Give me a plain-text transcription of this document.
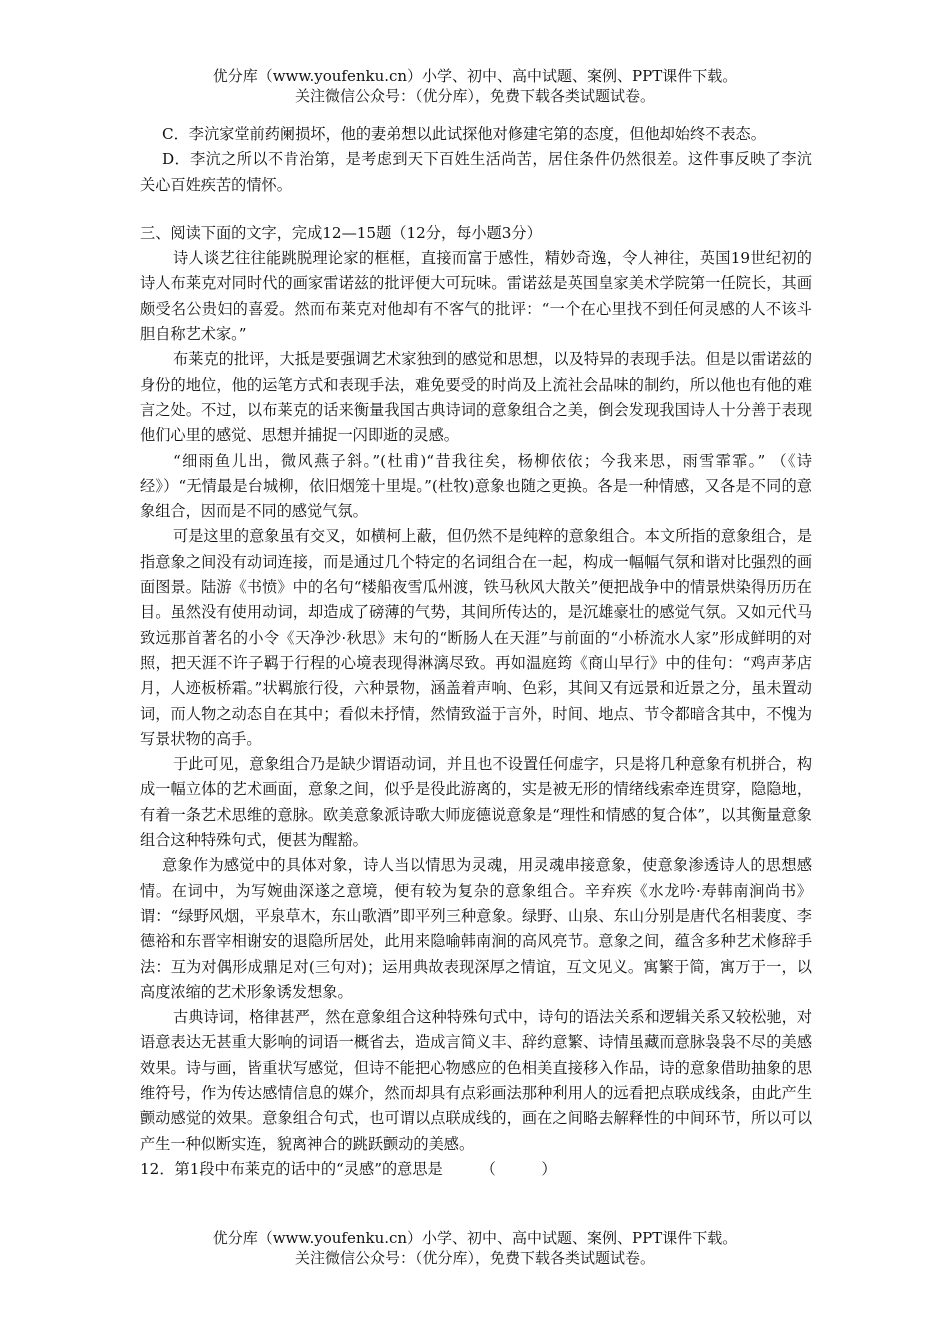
优分库（www.youfenku.cn）小学、初中、高中试题、案例、PPT课件下载。
关注微信公众号：（优分库），免费下载各类试题试卷。

C．李沆家堂前药阑损坏，他的妻弟想以此试探他对修建宅第的态度，但他却始终不表态。

D．李沆之所以不肯治第，是考虑到天下百姓生活尚苦，居住条件仍然很差。这件事反映了李沆关心百姓疾苦的情怀。

三、阅读下面的文字，完成12—15题（12分，每小题3分）

诗人谈艺往往能跳脱理论家的框框，直接而富于感性，精妙奇逸，令人神往，英国19世纪初的诗人布莱克对同时代的画家雷诺兹的批评便大可玩味。雷诺兹是英国皇家美术学院第一任院长，其画颇受名公贵妇的喜爱。然而布莱克对他却有不客气的批评：“一个在心里找不到任何灵感的人不该斗胆自称艺术家。”

布莱克的批评，大抵是要强调艺术家独到的感觉和思想，以及特异的表现手法。但是以雷诺兹的身份的地位，他的运笔方式和表现手法，难免要受的时尚及上流社会品味的制约，所以他也有他的难言之处。不过，以布莱克的话来衡量我国古典诗词的意象组合之美，倒会发现我国诗人十分善于表现他们心里的感觉、思想并捕捉一闪即逝的灵感。

“细雨鱼儿出，微风燕子斜。”(杜甫)“昔我往矣，杨柳依依；今我来思，雨雪霏霏。” （《诗经》）“无情最是台城柳，依旧烟笼十里堤。”(杜牧)意象也随之更换。各是一种情感，又各是不同的意象组合，因而是不同的感觉气氛。

可是这里的意象虽有交叉，如横柯上蔽，但仍然不是纯粹的意象组合。本文所指的意象组合，是指意象之间没有动词连接，而是通过几个特定的名词组合在一起，构成一幅幅气氛和谐对比强烈的画面图景。陆游《书愤》中的名句“楼船夜雪瓜州渡，铁马秋风大散关”便把战争中的情景烘染得历历在目。虽然没有使用动词，却造成了磅薄的气势，其间所传达的，是沉雄豪壮的感觉气氛。又如元代马致远那首著名的小令《天净沙·秋思》末句的“断肠人在天涯”与前面的“小桥流水人家”形成鲜明的对照，把天涯不许子羁于行程的心境表现得淋漓尽致。再如温庭筠《商山早行》中的佳句：“鸡声茅店月，人迹板桥霜。”状羁旅行役，六种景物，涵盖着声响、色彩，其间又有远景和近景之分，虽未置动词，而人物之动态自在其中；看似未抒情，然情致溢于言外，时间、地点、节令都暗含其中，不愧为写景状物的高手。

于此可见，意象组合乃是缺少谓语动词，并且也不设置任何虚字，只是将几种意象有机拼合，构成一幅立体的艺术画面，意象之间，似乎是役此游离的，实是被无形的情绪线索牵连贯穿，隐隐地，有着一条艺术思维的意脉。欧美意象派诗歌大师庞德说意象是“理性和情感的复合体”，以其衡量意象组合这种特殊句式，便甚为醒豁。

意象作为感觉中的具体对象，诗人当以情思为灵魂，用灵魂串接意象，使意象渗透诗人的思想感情。在词中，为写婉曲深遂之意境，便有较为复杂的意象组合。辛弃疾《水龙吟·寿韩南涧尚书》谓：“绿野风烟，平泉草木，东山歌酒”即平列三种意象。绿野、山泉、东山分别是唐代名相裴度、李德裕和东晋宰相谢安的退隐所居处，此用来隐喻韩南涧的高风亮节。意象之间，蕴含多种艺术修辞手法：互为对偶形成鼎足对(三句对)；运用典故表现深厚之情谊，互文见义。寓繁于简，寓万于一，以高度浓缩的艺术形象诱发想象。

古典诗词，格律甚严，然在意象组合这种特殊句式中，诗句的语法关系和逻辑关系又较松驰，对语意表达无甚重大影响的词语一概省去，造成言简义丰、辞约意繁、诗情虽藏而意脉袅袅不尽的美感效果。诗与画，皆重状写感觉，但诗不能把心物感应的色相美直接移入作品，诗的意象借助抽象的思维符号，作为传达感情信息的媒介，然而却具有点彩画法那种利用人的远看把点联成线条，由此产生颤动感觉的效果。意象组合句式，也可谓以点联成线的，画在之间略去解释性的中间环节，所以可以产生一种似断实连，貌离神合的跳跃颤动的美感。

12．第1段中布莱克的话中的“灵感”的意思是　　　（　　　）

优分库（www.youfenku.cn）小学、初中、高中试题、案例、PPT课件下载。
关注微信公众号：（优分库），免费下载各类试题试卷。
